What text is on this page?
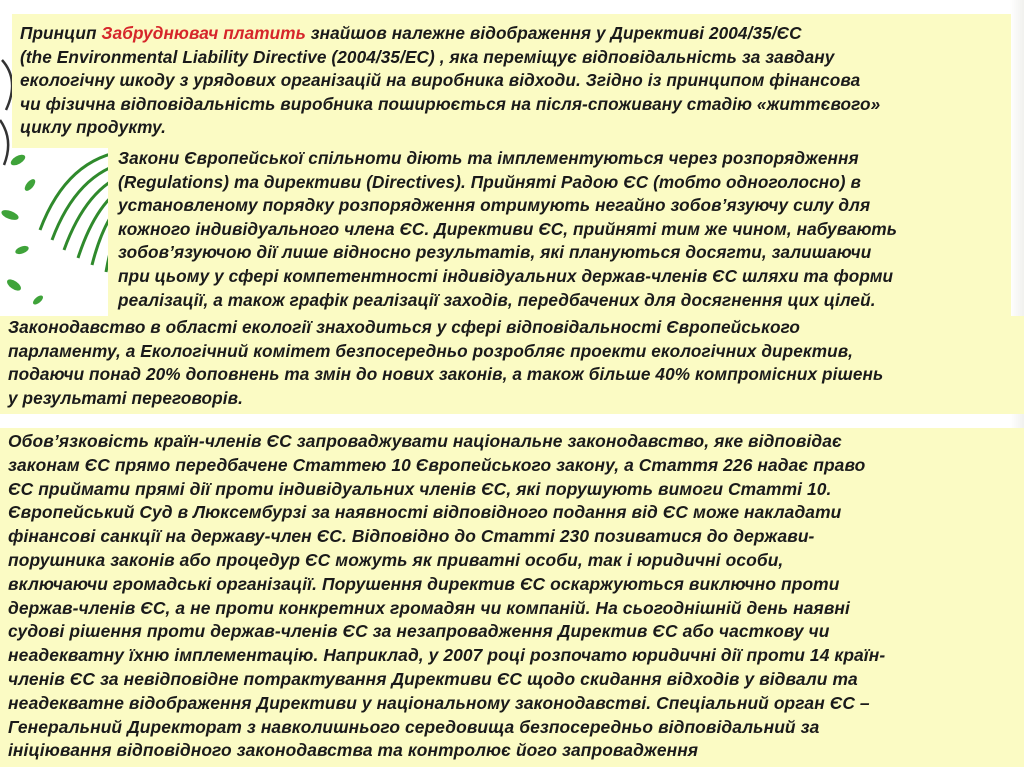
Принцип Забруднювач платить знайшов належне відображення у Директиві 2004/35/ЄС
(the Environmental Liability Directive (2004/35/EC) , яка переміщує відповідальність за завдану
екологічну шкоду з урядових організацій на виробника відходи. Згідно із принципом фінансова
чи фізична відповідальність виробника поширюється на після-споживану стадію «життєвого»
циклу продукту.
Закони Європейської спільноти діють та імплементуються через розпорядження
(Regulations) та директиви (Directives). Прийняті Радою ЄС (тобто одноголосно) в
установленому порядку розпорядження отримують негайно зобов’язуючу силу для
кожного індивідуального члена ЄС. Директиви ЄС, прийняті тим же чином, набувають
зобов’язуючою дії лише відносно результатів, які плануються досягти, залишаючи
при цьому у сфері компетентності індивідуальних держав-членів ЄС шляхи та форми
реалізації, а також графік реалізації заходів, передбачених для досягнення цих цілей.
Законодавство в області екології знаходиться у сфері відповідальності Європейського
парламенту, а Екологічний комітет безпосередньо розробляє проекти екологічних директив,
подаючи понад 20% доповнень та змін до нових законів, а також більше 40% компромісних рішень
у результаті переговорів.
Обов’язковість країн-членів ЄС запроваджувати національне законодавство, яке відповідає
законам ЄС прямо передбачене Статтею 10 Європейського закону, а Стаття 226 надає право
ЄС приймати прямі дії проти індивідуальних членів ЄС, які порушують вимоги Статті 10.
Європейський Суд в Люксембурзі за наявності відповідного подання від ЄС може накладати
фінансові санкції на державу-член ЄС. Відповідно до Статті 230 позиватися до держави-
порушника законів або процедур ЄС можуть як приватні особи, так і юридичні особи,
включаючи громадські організації. Порушення директив ЄС оскаржуються виключно проти
держав-членів ЄС, а не проти конкретних громадян чи компаній. На сьогоднішній день наявні
судові рішення проти держав-членів ЄС за незапровадження Директив ЄС або часткову чи
неадекватну їхню імплементацію. Наприклад, у 2007 році розпочато юридичні дії проти 14 країн-
членів ЄС за невідповідне потрактування Директиви ЄС щодо скидання відходів у відвали та
неадекватне відображення Директиви у національному законодавстві. Спеціальний орган ЄС –
Генеральний Директорат з навколишнього середовища безпосередньо відповідальний за
ініціювання відповідного законодавства та контролює його запровадження
